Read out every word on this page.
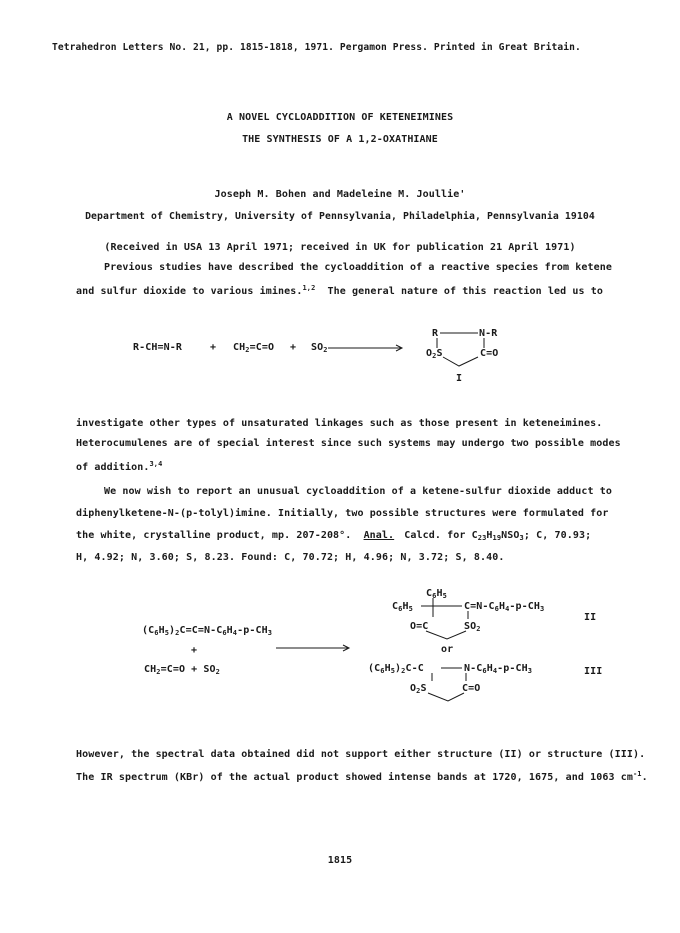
Tetrahedron Letters No. 21, pp. 1815-1818, 1971. Pergamon Press. Printed in Great Britain.
A NOVEL CYCLOADDITION OF KETENEIMINES
THE SYNTHESIS OF A 1,2-OXATHIANE
Joseph M. Bohen and Madeleine M. Joullie'
Department of Chemistry, University of Pennsylvania, Philadelphia, Pennsylvania 19104
(Received in USA 13 April 1971; received in UK for publication 21 April 1971)
Previous studies have described the cycloaddition of a reactive species from ketene
and sulfur dioxide to various imines.$^{1,2}$ The general nature of this reaction led us to
R-CH=N-R	+ $CH_2=C=O + SO_2$
R	N-R
$O_2S$	C=O
I
investigate other types of unsaturated linkages such as those present in keteneimines.
Heterocumulenes are of special interest since such systems may undergo two possible modes
of addition.$^{3,4}$
We now wish to report an unusual cycloaddition of a ketene-sulfur dioxide adduct to
diphenylketene-N-(p-tolyl)imine. Initially, two possible structures were formulated for
the white, crystalline product, mp. 207-208°. Anal. Calcd. for $C_{23}H_{19}NSO_3$; C, 70.93;
H, 4.92; N, 3.60; S, 8.23. Found: C, 70.72; H, 4.96; N, 3.72; S, 8.40.
$(C_6H_5)_2C=C=N-C_6H_4-p-CH_3$
+
$CH_2=C=O + SO_2$
$C_6H_5$
$C_6H_5$	$C=N-C_6H_4-p-CH_3$
O=C	$SO_2$
II
or
$(C_6H_5)_2C-C$	$N-C_6H_4-p-CH_3$
$O_2S$	C=O
III
However, the spectral data obtained did not support either structure (II) or structure (III).
The IR spectrum (KBr) of the actual product showed intense bands at 1720, 1675, and 1063 $cm^{-1}$.
1815
